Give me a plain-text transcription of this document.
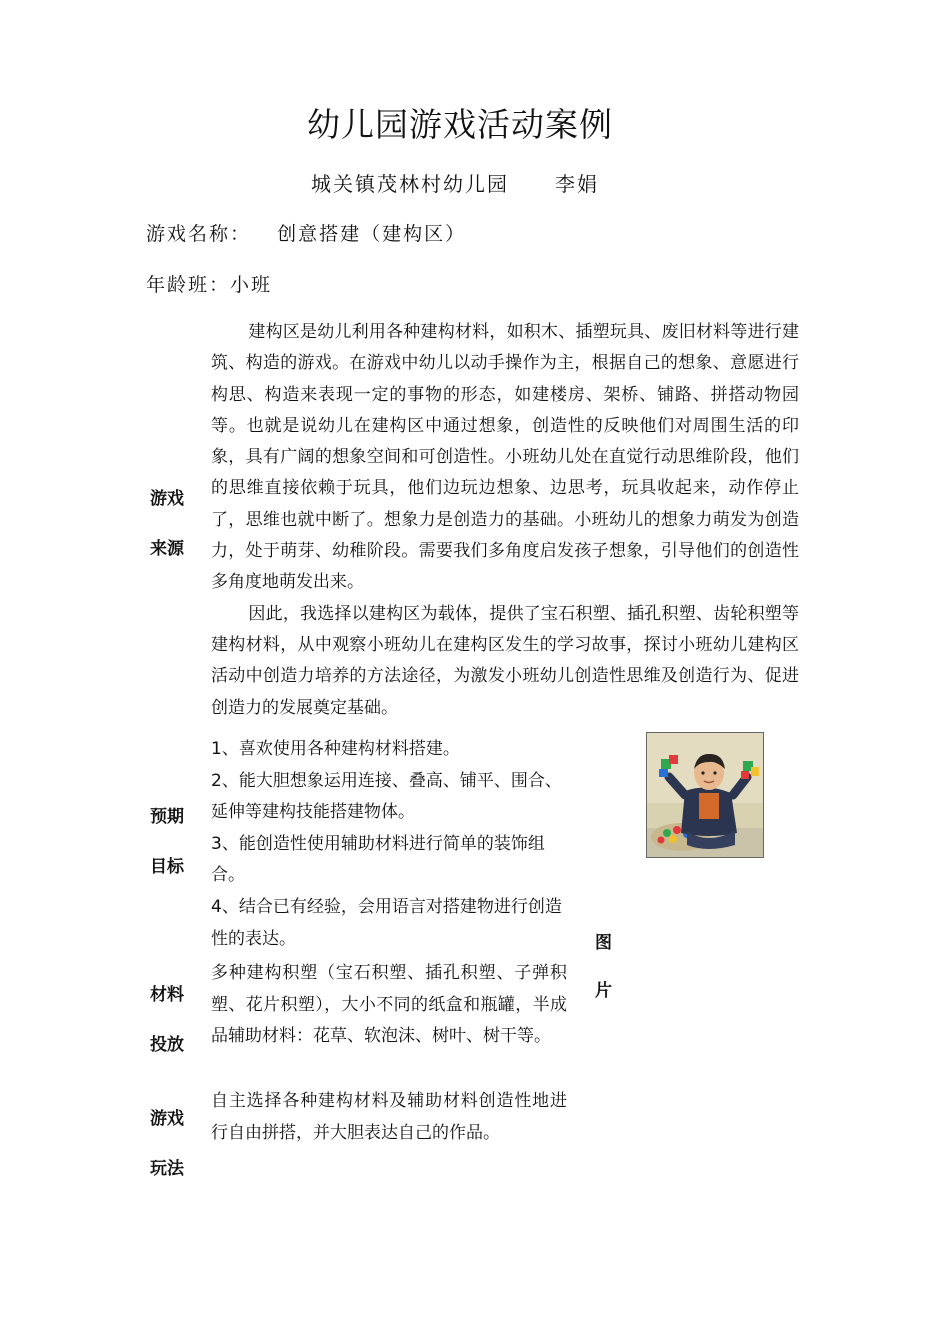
幼儿园游戏活动案例
城关镇茂林村幼儿园 李娟
游戏名称： 创意搭建（建构区）
年龄班：小班
游戏
来源

建构区是幼儿利用各种建构材料，如积木、插塑玩具、废旧材料等进行建筑、构造的游戏。在游戏中幼儿以动手操作为主，根据自己的想象、意愿进行构思、构造来表现一定的事物的形态，如建楼房、架桥、铺路、拼搭动物园等。也就是说幼儿在建构区中通过想象，创造性的反映他们对周围生活的印象，具有广阔的想象空间和可创造性。小班幼儿处在直觉行动思维阶段，他们的思维直接依赖于玩具，他们边玩边想象、边思考，玩具收起来，动作停止了，思维也就中断了。想象力是创造力的基础。小班幼儿的想象力萌发为创造力，处于萌芽、幼稚阶段。需要我们多角度启发孩子想象，引导他们的创造性多角度地萌发出来。

因此，我选择以建构区为载体，提供了宝石积塑、插孔积塑、齿轮积塑等建构材料，从中观察小班幼儿在建构区发生的学习故事，探讨小班幼儿建构区活动中创造力培养的方法途径，为激发小班幼儿创造性思维及创造行为、促进创造力的发展奠定基础。

预期
目标
1、喜欢使用各种建构材料搭建。
2、能大胆想象运用连接、叠高、铺平、围合、延伸等建构技能搭建物体。
3、能创造性使用辅助材料进行简单的装饰组合。
4、结合已有经验，会用语言对搭建物进行创造性的表达。	图
片
材料
投放
多种建构积塑（宝石积塑、插孔积塑、子弹积塑、花片积塑），大小不同的纸盒和瓶罐，半成品辅助材料：花草、软泡沫、树叶、树干等。
游戏
玩法
自主选择各种建构材料及辅助材料创造性地进行自由拼搭，并大胆表达自己的作品。
